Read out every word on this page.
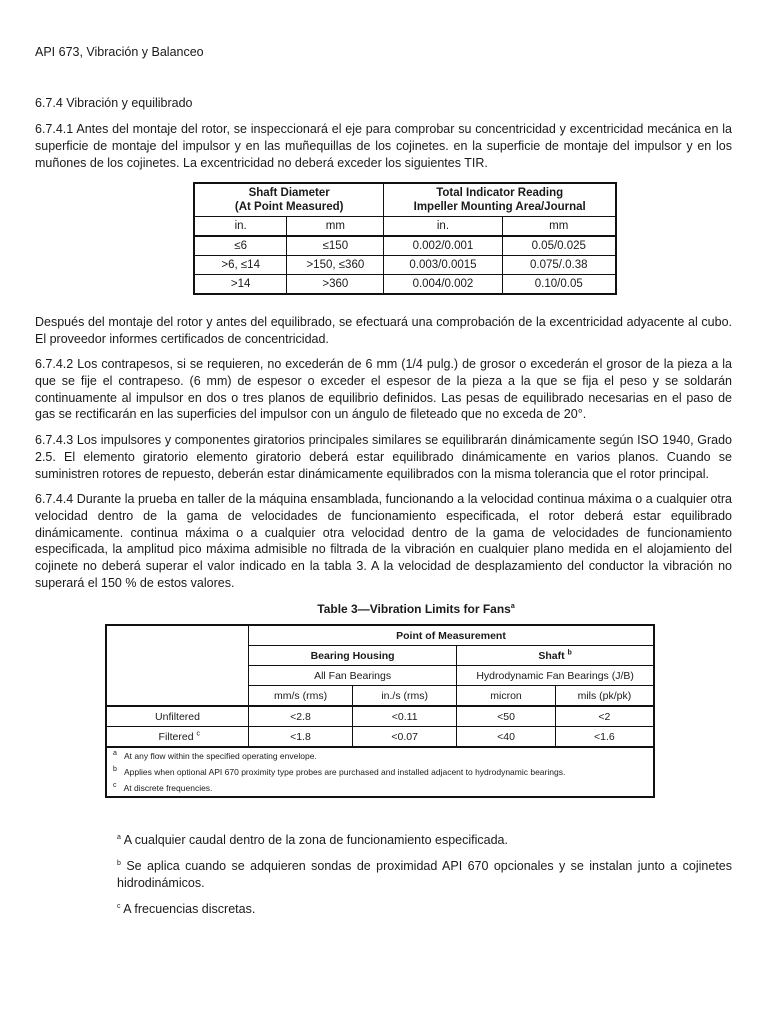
API 673, Vibración y Balanceo

6.7.4 Vibración y equilibrado

6.7.4.1 Antes del montaje del rotor, se inspeccionará el eje para comprobar su concentricidad y excentricidad mecánica en la superficie de montaje del impulsor y en las muñequillas de los cojinetes. en la superficie de montaje del impulsor y en los muñones de los cojinetes. La excentricidad no deberá exceder los siguientes TIR.

Shaft Diameter
(At Point Measured)		Total Indicator Reading
Impeller Mounting Area/Journal	
in.	mm	in.	mm
≤6	≤150	0.002/0.001	0.05/0.025
>6, ≤14	>150, ≤360	0.003/0.0015	0.075/.0.38
>14	>360	0.004/0.002	0.10/0.05

Después del montaje del rotor y antes del equilibrado, se efectuará una comprobación de la excentricidad adyacente al cubo. El proveedor informes certificados de concentricidad.

6.7.4.2 Los contrapesos, si se requieren, no excederán de 6 mm (1/4 pulg.) de grosor o excederán el grosor de la pieza a la que se fije el contrapeso. (6 mm) de espesor o exceder el espesor de la pieza a la que se fija el peso y se soldarán continuamente al impulsor en dos o tres planos de equilibrio definidos. Las pesas de equilibrado necesarias en el paso de gas se rectificarán en las superficies del impulsor con un ángulo de fileteado que no exceda de 20°.

6.7.4.3 Los impulsores y componentes giratorios principales similares se equilibrarán dinámicamente según ISO 1940, Grado 2.5. El elemento giratorio elemento giratorio deberá estar equilibrado dinámicamente en varios planos. Cuando se suministren rotores de repuesto, deberán estar dinámicamente equilibrados con la misma tolerancia que el rotor principal.

6.7.4.4 Durante la prueba en taller de la máquina ensamblada, funcionando a la velocidad continua máxima o a cualquier otra velocidad dentro de la gama de velocidades de funcionamiento especificada, el rotor deberá estar equilibrado dinámicamente. continua máxima o a cualquier otra velocidad dentro de la gama de velocidades de funcionamiento especificada, la amplitud pico máxima admisible no filtrada de la vibración en cualquier plano medida en el alojamiento del cojinete no deberá superar el valor indicado en la tabla 3. A la velocidad de desplazamiento del conductor la vibración no superará el 150 % de estos valores.

Table 3—Vibration Limits for Fans$^a$
	Point of Measurement			
	Bearing Housing		Shaft $^b$
	All Fan Bearings		Hydrodynamic Fan Bearings (J/B)	
	mm/s (rms)	in./s (rms)	micron	mils (pk/pk)
Unfiltered	<2.8	<0.11	<50	<2
Filtered $^c$	<1.8	<0.07	<40	<1.6
$^a$ At any flow within the specified operating envelope.				
$^b$ Applies when optional API 670 proximity type probes are purchased and installed adjacent to hydrodynamic bearings.				
$^c$ At discrete frequencies.				

$^a$ A cualquier caudal dentro de la zona de funcionamiento especificada.

$^b$ Se aplica cuando se adquieren sondas de proximidad API 670 opcionales y se instalan junto a cojinetes hidrodinámicos.

$^c$ A frecuencias discretas.
